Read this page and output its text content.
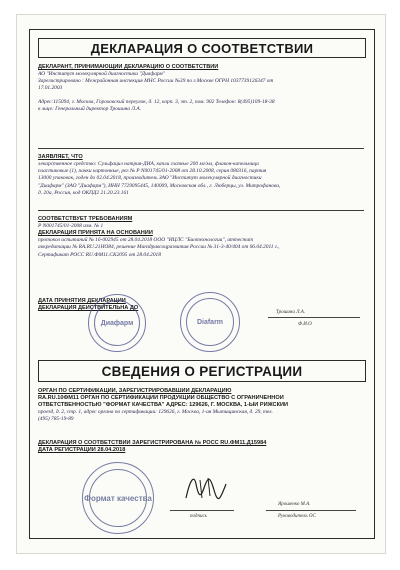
ДЕКЛАРАЦИЯ О СООТВЕТСТВИИ
ДЕКЛАРАНТ, ПРИНИМАЮЩИЙ ДЕКЛАРАЦИЮ О СООТВЕТСТВИИ
АО "Институт молекулярной диагностики "Диафарм"
Зарегистрировано : Межрайонная инспекция МНС России №39 по г.Москве ОГРН 1037739126347 от
17.01.2003
Адрес:115094, г. Москва, Гороховский переулок, д. 12, корп. 3, эт. 2, пом. 902 Телефон: 8(495)109-18-38
в лице: Генеральный директор Трошина Л.А.
ЗАЯВЛЯЕТ, ЧТО
лекарственное средство: Сульфацил натрия-ДИА, капли глазные 200 мг/мл, флакон-капельница
пластиковые (1), пачки картонные, рег.№ Р N001745/01-2008 от 28.10.2008, серия 080316, партия
13000 упаковок, годен до 02.04.2018, производитель ЗАО "Институт молекулярной диагностики
"Диафарм" (ЗАО "Диафарм"), ИНН 7729095445, 140009, Московская обл., г. Люберцы, ул. Митрофанова,
д. 20а, Россия, код ОКПД2 21.20.23.161
СООТВЕТСТВУЕТ ТРЕБОВАНИЯМ
Р N001745/01-2008 изм. № 1
ДЕКЛАРАЦИЯ ПРИНЯТА НА ОСНОВАНИИ
протокол испытаний № 16-002945 от 28.04.2018 ООО "ИЦЛС "Биотехнологии", аттестат
аккредитации № RA.RU.21HO84, решение Минздравсоцразвития России № 31-3-40/404 от 06.04.2011 г.,
Сертификат РОСС RU.ФМ11.СК2095 от 28.04.2018
ДАТА ПРИНЯТИЯ ДЕКЛАРАЦИИ
ДЕКЛАРАЦИЯ ДЕЙСТВИТЕЛЬНА ДО
Диафарм	Diafarm
Трошина Л.А.
Ф.И.О
СВЕДЕНИЯ О РЕГИСТРАЦИИ
ОРГАН ПО СЕРТИФИКАЦИИ, ЗАРЕГИСТРИРОВАВШИЙ ДЕКЛАРАЦИЮ
RA.RU.10ФМ11 ОРГАН ПО СЕРТИФИКАЦИИ ПРОДУКЦИИ ОБЩЕСТВО С ОГРАНИЧЕННОЙ
ОТВЕТСТВЕННОСТЬЮ "ФОРМАТ КАЧЕСТВА" АДРЕС: 129626, Г. МОСКВА, 1-ЫЙ РИЖСКИЙ
проезд, д. 2, стр. 1, адрес органа по сертификации: 129626, г. Москва, 1-ая Мытищинская, д. 29, тел.
(495) 785-19-89
ДЕКЛАРАЦИЯ О СООТВЕТСТВИИ ЗАРЕГИСТРИРОВАНА № РОСС RU.ФМ11.Д15984
ДАТА РЕГИСТРАЦИИ 28.04.2018
Формат качества
подпись
Ярошенко М.А.
Руководитель ОС
